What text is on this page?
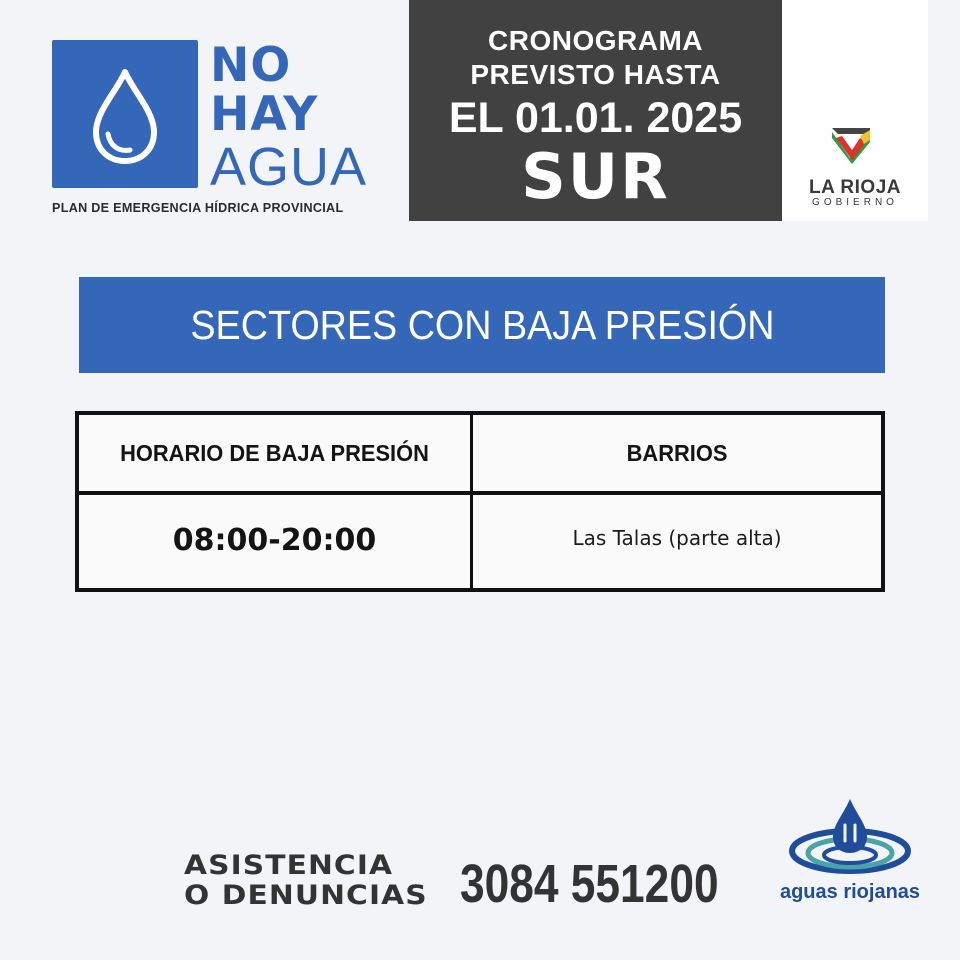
NO
HAY
AGUA
PLAN DE EMERGENCIA HÍDRICA PROVINCIAL
CRONOGRAMA
PREVISTO HASTA
EL 01.01. 2025
SUR	LA RIOJA
GOBIERNO
SECTORES CON BAJA PRESIÓN
HORARIO DE BAJA PRESIÓN	BARRIOS
08:00-20:00	Las Talas (parte alta)
ASISTENCIA
O DENUNCIAS 3084 551200	aguas riojanas
